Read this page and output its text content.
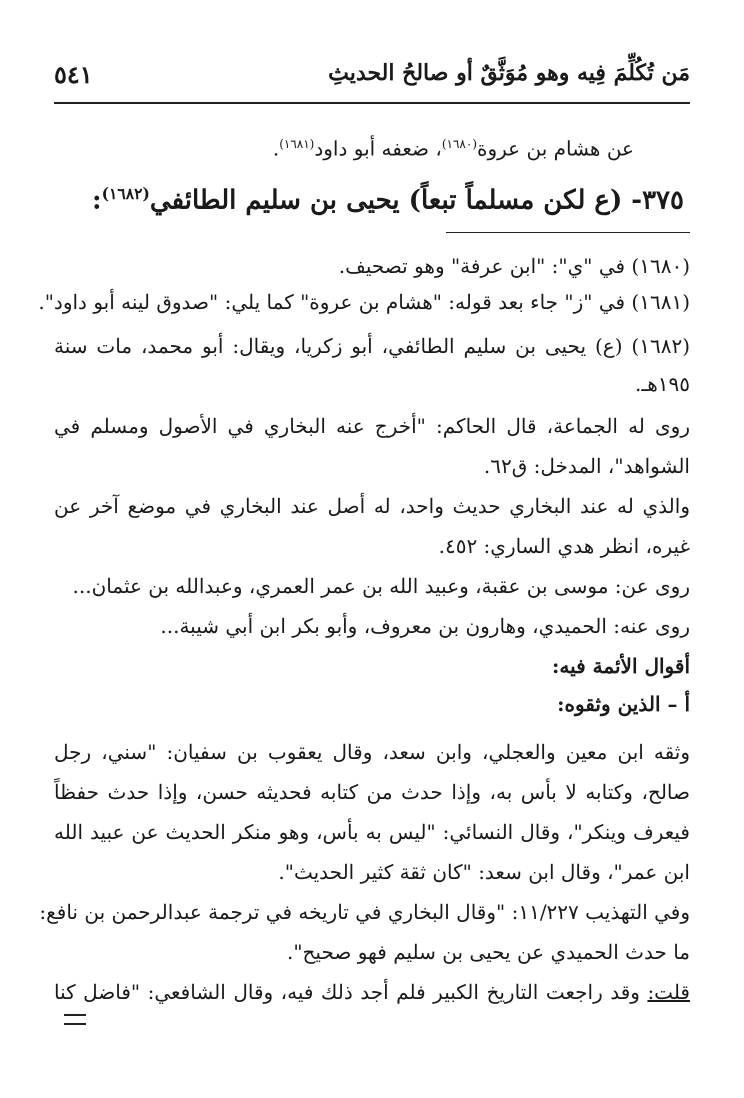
مَن تُكُلِّمَ فِيه وهو مُوَثَّقٌ أو صالحُ الحديثِ
٥٤١
عن هشام بن عروة$^{(١٦٨٠)}$، ضعفه أبو داود$^{(١٦٨١)}$.
٣٧٥- (ع لكن مسلماً تبعاً) يحيى بن سليم الطائفي$^{(١٦٨٢)}$:
(١٦٨٠) في "ي": "ابن عرفة" وهو تصحيف.
(١٦٨١) في "ز" جاء بعد قوله: "هشام بن عروة" كما يلي: "صدوق لينه أبو داود".
(١٦٨٢) (ع) يحيى بن سليم الطائفي، أبو زكريا، ويقال: أبو محمد، مات سنة
١٩٥هـ.
روى له الجماعة، قال الحاكم: "أخرج عنه البخاري في الأصول ومسلم في
الشواهد"، المدخل: ق٦٢.
والذي له عند البخاري حديث واحد، له أصل عند البخاري في موضع آخر عن
غيره، انظر هدي الساري: ٤٥٢.
روى عن: موسى بن عقبة، وعبيد الله بن عمر العمري، وعبدالله بن عثمان...
روى عنه: الحميدي، وهارون بن معروف، وأبو بكر ابن أبي شيبة...
أقوال الأئمة فيه:
أ – الذين وثقوه:
وثقه ابن معين والعجلي، وابن سعد، وقال يعقوب بن سفيان: "سني، رجل
صالح، وكتابه لا بأس به، وإذا حدث من كتابه فحديثه حسن، وإذا حدث حفظاً
فيعرف وينكر"، وقال النسائي: "ليس به بأس، وهو منكر الحديث عن عبيد الله
ابن عمر"، وقال ابن سعد: "كان ثقة كثير الحديث".
وفي التهذيب ١١/٢٢٧: "وقال البخاري في تاريخه في ترجمة عبدالرحمن بن نافع:
ما حدث الحميدي عن يحيى بن سليم فهو صحيح".
قلت: وقد راجعت التاريخ الكبير فلم أجد ذلك فيه، وقال الشافعي: "فاضل كنا
